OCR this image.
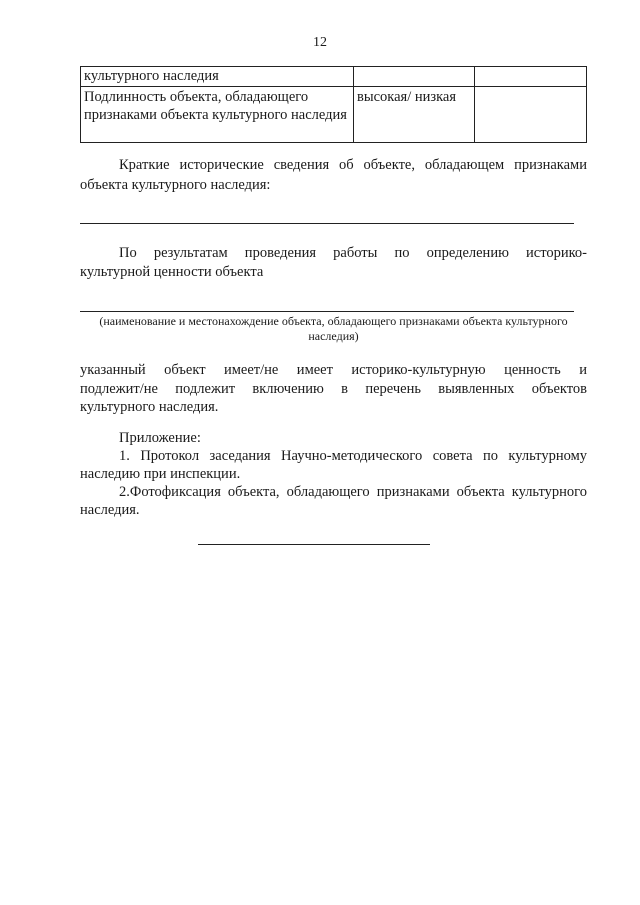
12
культурного наследия		
Подлинность объекта, обладающего признаками объекта культурного наследия	высокая/ низкая	

Краткие исторические сведения об объекте, обладающем признаками

объекта культурного наследия:

По результатам проведения работы по определению историко-

культурной ценности объекта

(наименование и местонахождение объекта, обладающего признаками объекта культурного
наследия)

указанный объект имеет/не имеет историко-культурную ценность и

подлежит/не подлежит включению в перечень выявленных объектов

культурного наследия.

Приложение:

1. Протокол заседания Научно-методического совета по культурному

наследию при инспекции.

2.Фотофиксация объекта, обладающего признаками объекта культурного

наследия.
